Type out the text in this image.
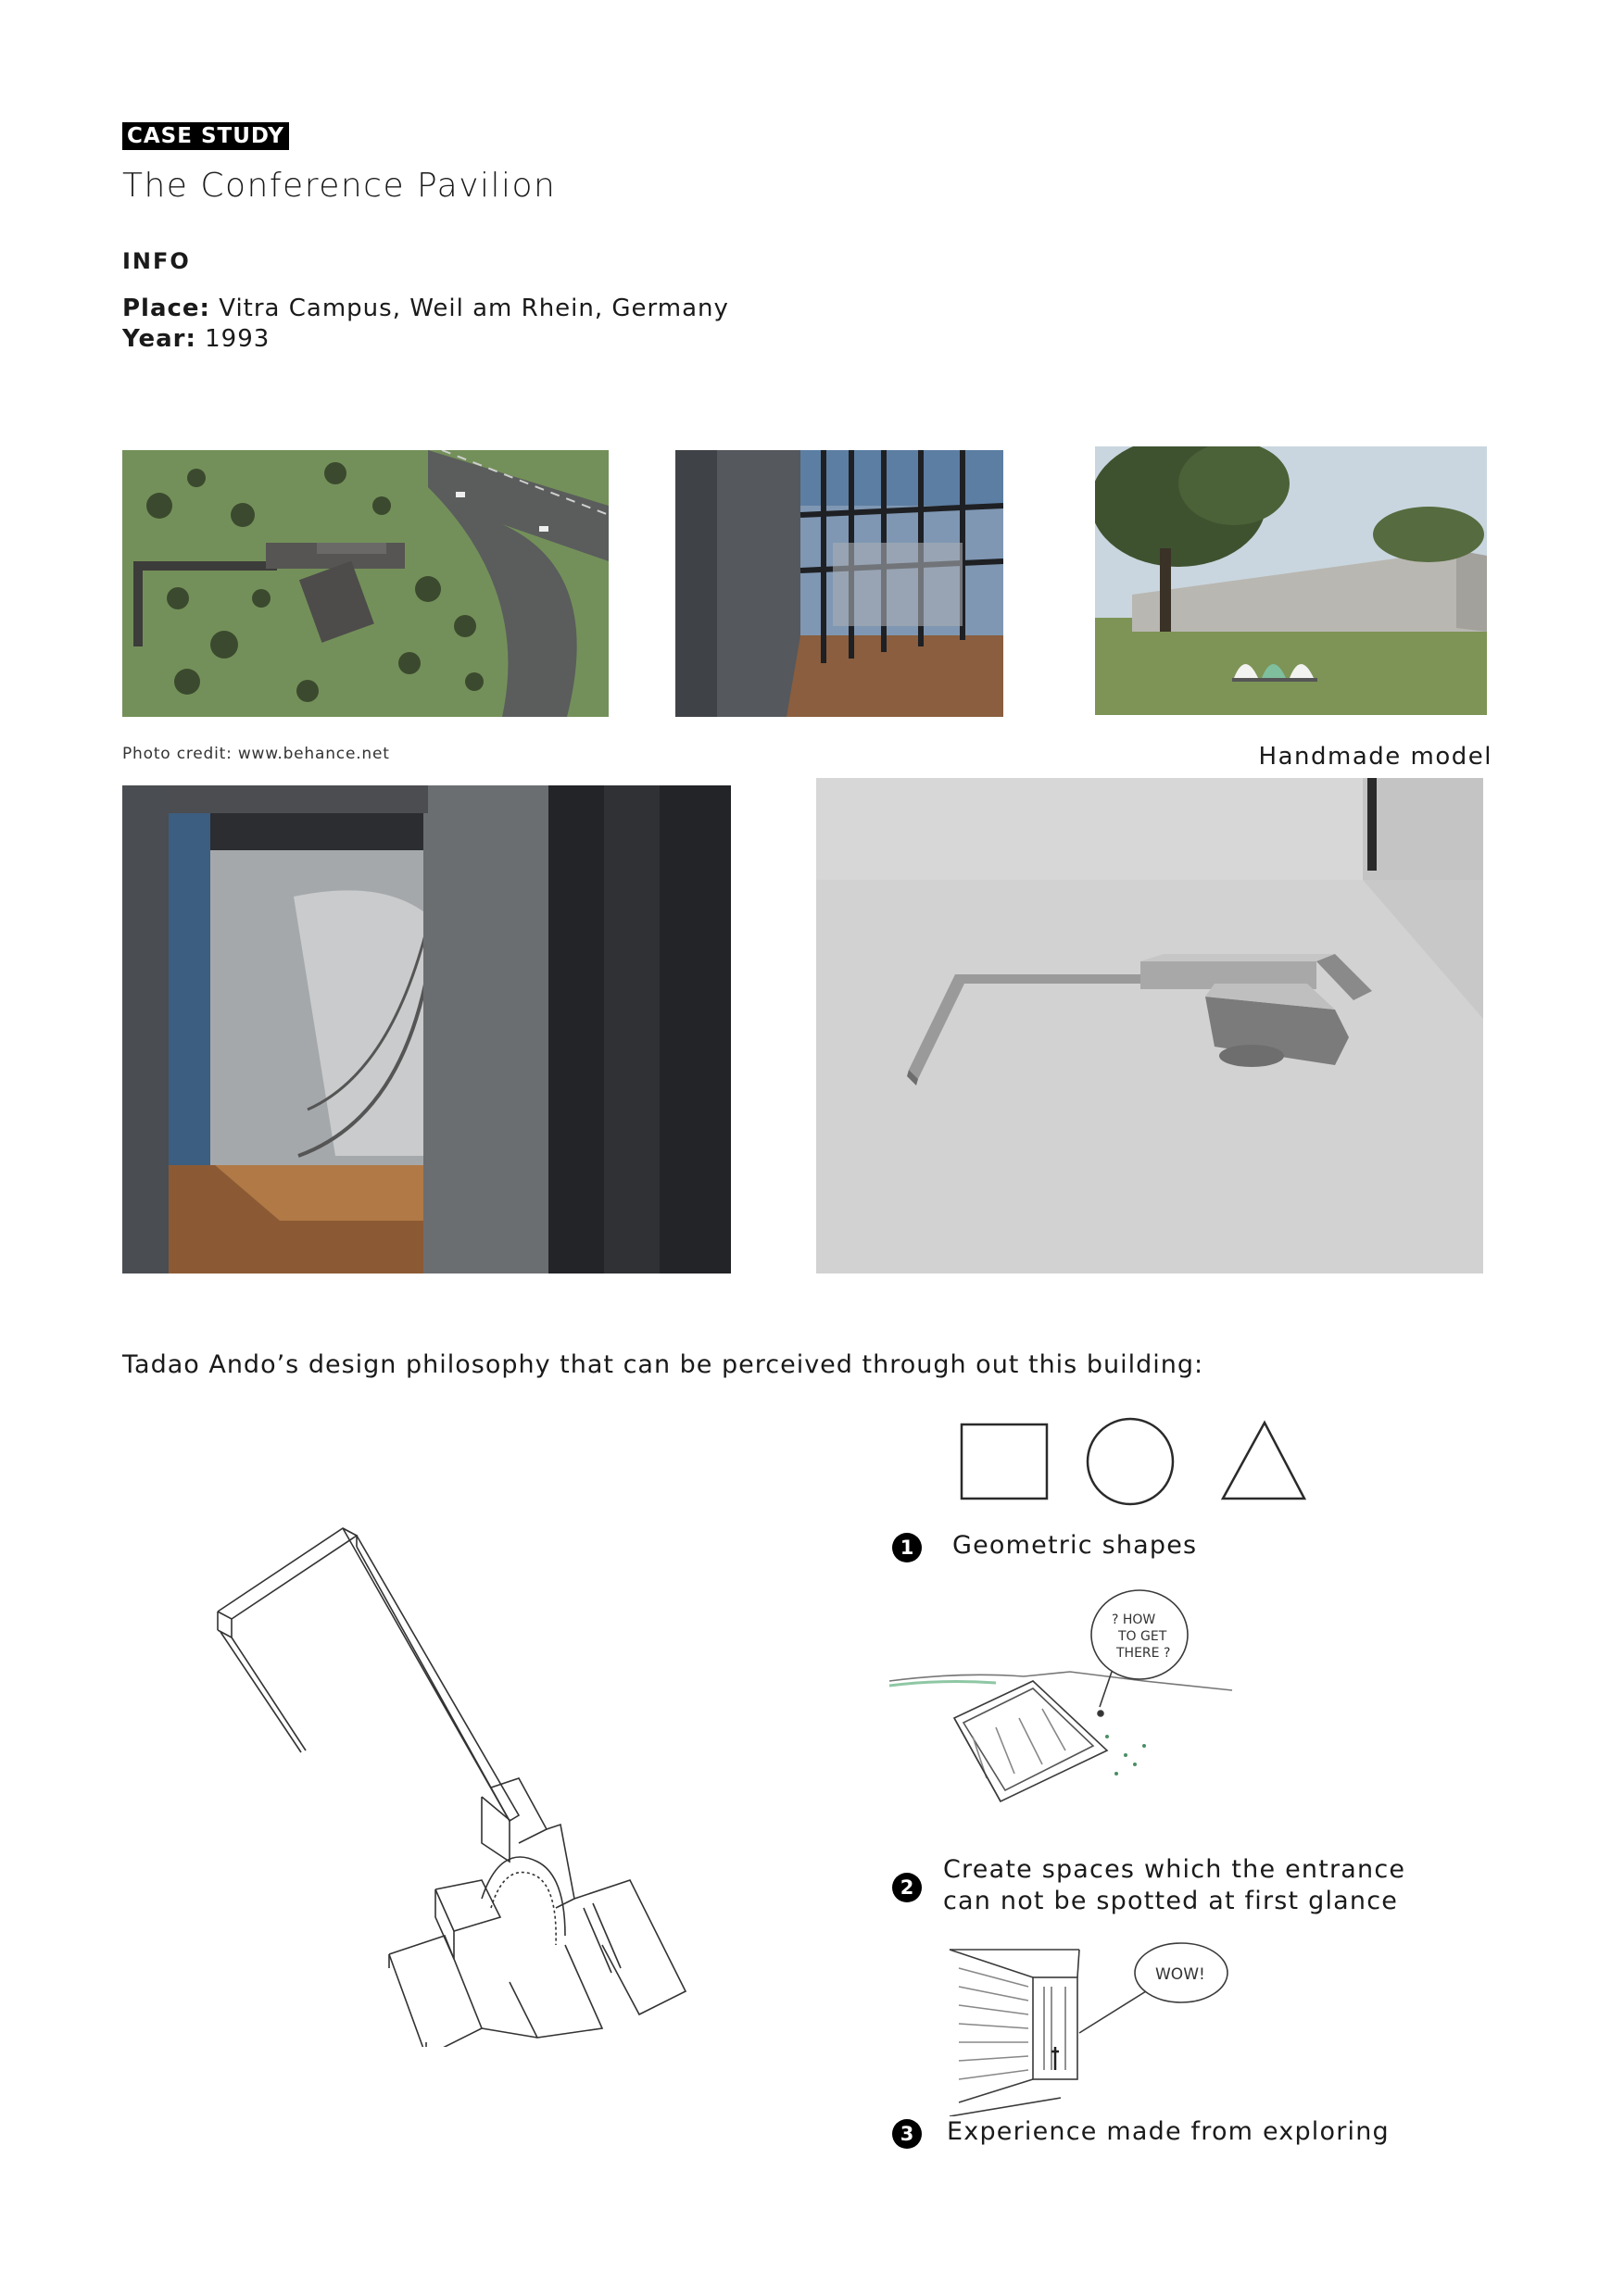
CASE STUDY
The Conference Pavilion
INFO
Place: Vitra Campus, Weil am Rhein, Germany
Year: 1993
Photo credit: www.behance.net	Handmade model
Tadao Ando’s design philosophy that can be perceived through out this building:
1	Geometric shapes
? HOW
TO GET
THERE ?
2
Create spaces which the entrance
can not be spotted at first glance
WOW!
3	Experience made from exploring
